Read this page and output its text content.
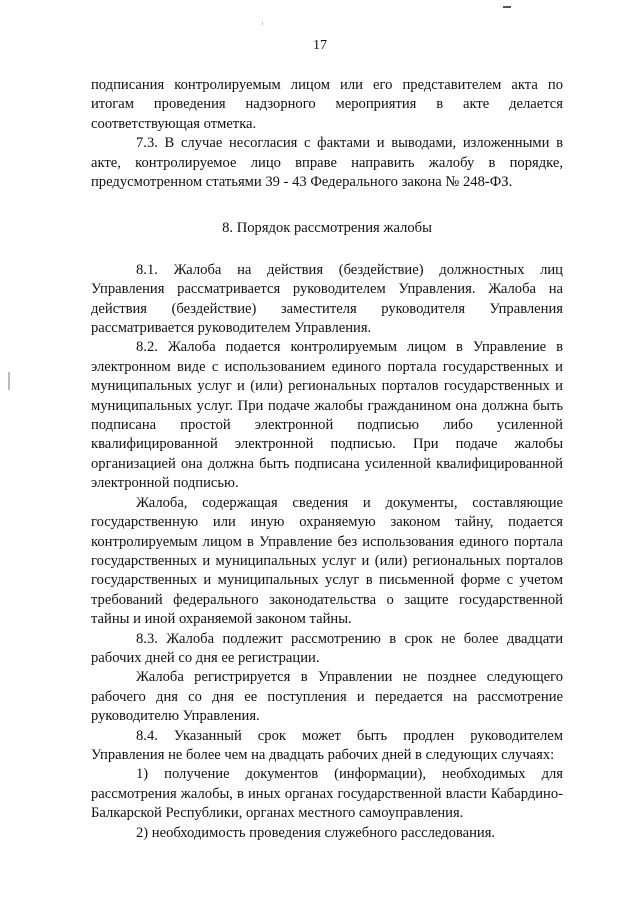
17

подписания контролируемым лицом или его представителем акта по итогам проведения надзорного мероприятия в акте делается соответствующая отметка.

7.3. В случае несогласия с фактами и выводами, изложенными в акте, контролируемое лицо вправе направить жалобу в порядке, предусмотренном статьями 39 - 43 Федерального закона № 248-ФЗ.

8. Порядок рассмотрения жалобы

8.1. Жалоба на действия (бездействие) должностных лиц Управления рассматривается руководителем Управления. Жалоба на действия (бездействие) заместителя руководителя Управления рассматривается руководителем Управления.

8.2. Жалоба подается контролируемым лицом в Управление в электронном виде с использованием единого портала государственных и муниципальных услуг и (или) региональных порталов государственных и муниципальных услуг. При подаче жалобы гражданином она должна быть подписана простой электронной подписью либо усиленной квалифицированной электронной подписью. При подаче жалобы организацией она должна быть подписана усиленной квалифицированной электронной подписью.

Жалоба, содержащая сведения и документы, составляющие государственную или иную охраняемую законом тайну, подается контролируемым лицом в Управление без использования единого портала государственных и муниципальных услуг и (или) региональных порталов государственных и муниципальных услуг в письменной форме с учетом требований федерального законодательства о защите государственной тайны и иной охраняемой законом тайны.

8.3. Жалоба подлежит рассмотрению в срок не более двадцати рабочих дней со дня ее регистрации.

Жалоба регистрируется в Управлении не позднее следующего рабочего дня со дня ее поступления и передается на рассмотрение руководителю Управления.

8.4. Указанный срок может быть продлен руководителем Управления не более чем на двадцать рабочих дней в следующих случаях:

1) получение документов (информации), необходимых для рассмотрения жалобы, в иных органах государственной власти Кабардино-Балкарской Республики, органах местного самоуправления.

2) необходимость проведения служебного расследования.
